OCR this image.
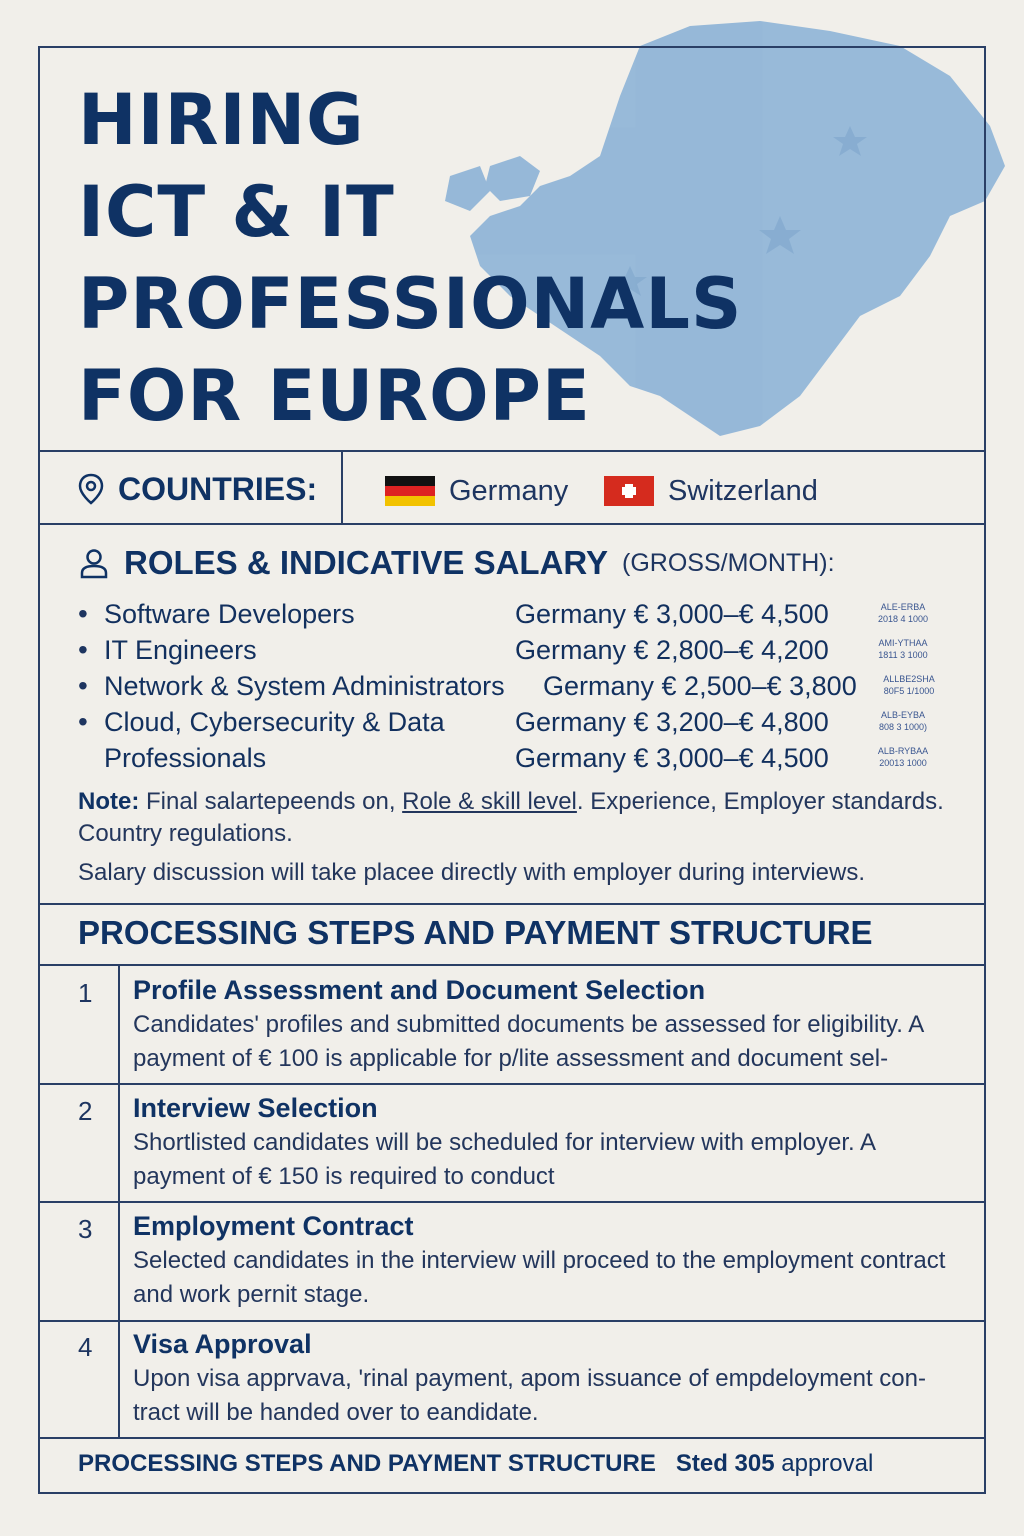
HIRING
ICT & IT
PROFESSIONALS
FOR EUROPE
COUNTRIES:	Germany	Switzerland
ROLES & INDICATIVE SALARY (GROSS/MONTH):
• Software Developers	Germany € 3,000–€ 4,500	ALE-ERBA
2018 4 1000
• IT Engineers	Germany € 2,800–€ 4,200	AMI-YTHAA
1811 3 1000
• Network & System Administrators Germany € 2,500–€ 3,800	ALLBE2SHA
80F5 1/1000
• Cloud, Cybersecurity & Data	Germany € 3,200–€ 4,800	ALB-EYBA
808 3 1000)
Professionals	Germany € 3,000–€ 4,500	ALB-RYBAA
20013 1000
Note: Final salartepeends on, Role & skill level. Experience, Employer standards. Country regulations.
Salary discussion will take placee directly with employer during interviews.
PROCESSING STEPS AND PAYMENT STRUCTURE
1 Profile Assessment and Document Selection
Candidates' profiles and submitted documents be assessed for eligibility. A payment of € 100 is applicable for p/lite assessment and document sel-
2 Interview Selection
Shortlisted candidates will be scheduled for interview with employer. A payment of € 150 is required to conduct
3 Employment Contract
Selected candidates in the interview will proceed to the employment contract and work pernit stage.
4 Visa Approval
Upon visa apprvava, 'rinal payment, apom issuance of empdeloyment con- tract will be handed over to eandidate.
PROCESSING STEPS AND PAYMENT STRUCTURE Sted 305 approval
